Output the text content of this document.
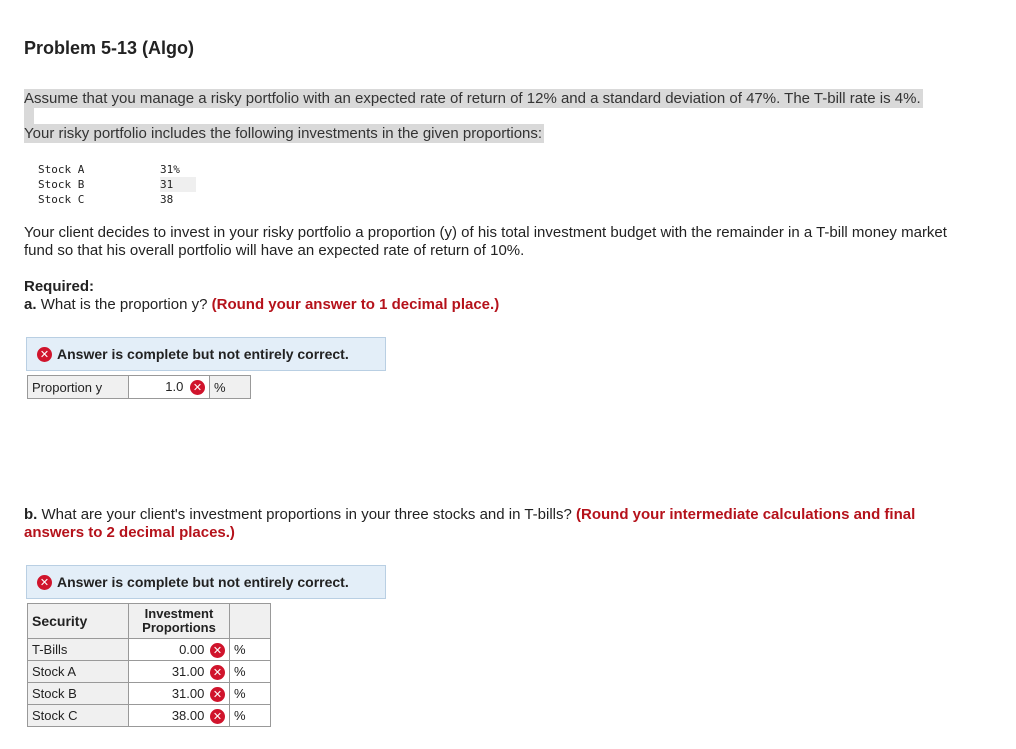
Problem 5-13 (Algo)
Assume that you manage a risky portfolio with an expected rate of return of 12% and a standard deviation of 47%. The T-bill rate is 4%.
Your risky portfolio includes the following investments in the given proportions:
Stock A	31%
Stock B	31
Stock C	38
Your client decides to invest in your risky portfolio a proportion (y) of his total investment budget with the remainder in a T-bill money market fund so that his overall portfolio will have an expected rate of return of 10%.
Required:
a. What is the proportion y? (Round your answer to 1 decimal place.)
✕ Answer is complete but not entirely correct.
Proportion y	1.0 ✕	%
b. What are your client's investment proportions in your three stocks and in T-bills? (Round your intermediate calculations and final answers to 2 decimal places.)
✕ Answer is complete but not entirely correct.
Security	Investment
Proportions	
T-Bills	0.00 ✕	%
Stock A	31.00 ✕	%
Stock B	31.00 ✕	%
Stock C	38.00 ✕	%
